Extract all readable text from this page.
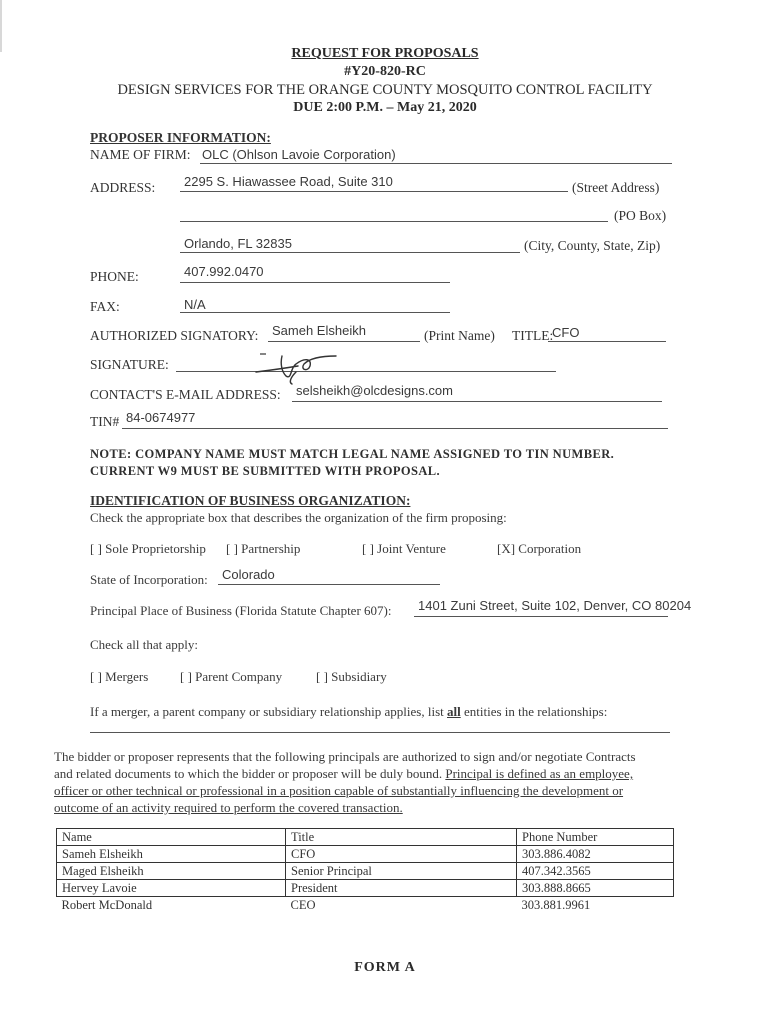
REQUEST FOR PROPOSALS
#Y20-820-RC
DESIGN SERVICES FOR THE ORANGE COUNTY MOSQUITO CONTROL FACILITY
DUE 2:00 P.M. – May 21, 2020
PROPOSER INFORMATION:
NAME OF FIRM: OLC (Ohlson Lavoie Corporation)
ADDRESS: 2295 S. Hiawassee Road, Suite 310	(Street Address)
(PO Box)
Orlando, FL 32835	(City, County, State, Zip)
PHONE:	407.992.0470
FAX:	N/A
AUTHORIZED SIGNATORY: Sameh Elsheikh	(Print Name) TITLE:
CFO
SIGNATURE:
CONTACT'S E-MAIL ADDRESS: selsheikh@olcdesigns.com
TIN# 84-0674977
NOTE: COMPANY NAME MUST MATCH LEGAL NAME ASSIGNED TO TIN NUMBER.
CURRENT W9 MUST BE SUBMITTED WITH PROPOSAL.
IDENTIFICATION OF BUSINESS ORGANIZATION:
Check the appropriate box that describes the organization of the firm proposing:
[ ] Sole Proprietorship [ ] Partnership	[ ] Joint Venture	[X] Corporation
State of Incorporation: Colorado
Principal Place of Business (Florida Statute Chapter 607): 1401 Zuni Street, Suite 102, Denver, CO 80204
Check all that apply:
[ ] Mergers [ ] Parent Company	[ ] Subsidiary
If a merger, a parent company or subsidiary relationship applies, list all entities in the relationships:
The bidder or proposer represents that the following principals are authorized to sign and/or negotiate Contracts
and related documents to which the bidder or proposer will be duly bound. Principal is defined as an employee,
officer or other technical or professional in a position capable of substantially influencing the development or
outcome of an activity required to perform the covered transaction.
Name	Title	Phone Number
Sameh Elsheikh	CFO	303.886.4082
Maged Elsheikh	Senior Principal	407.342.3565
Hervey Lavoie	President	303.888.8665
Robert McDonald	CEO	303.881.9961
FORM A
